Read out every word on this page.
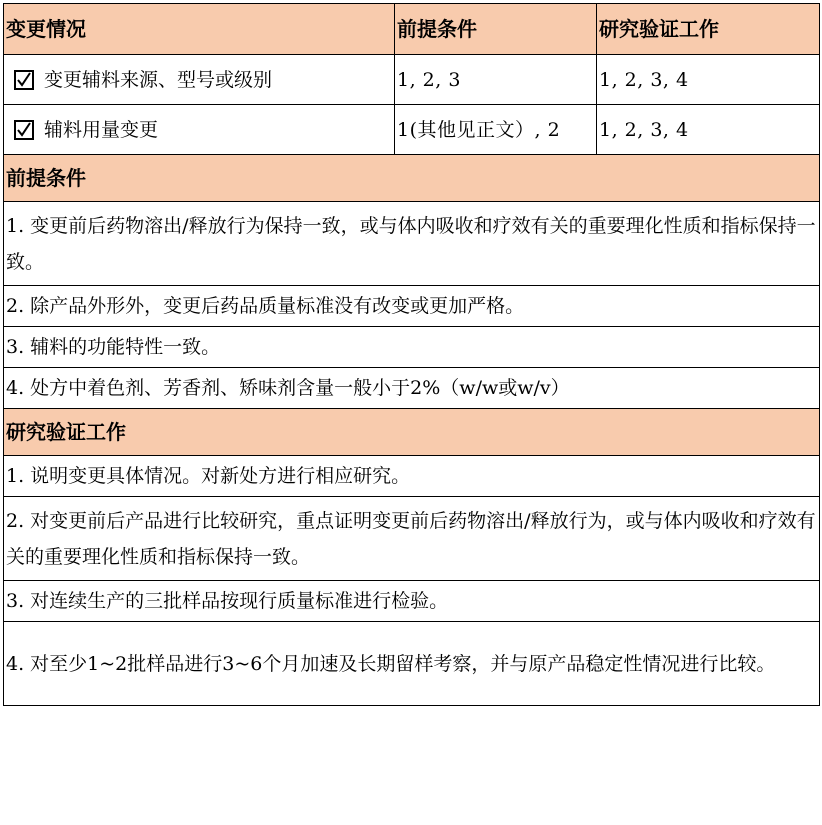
变更情况	前提条件	研究验证工作

变更辅料来源、型号或级别	1, 2, 3	1, 2, 3, 4

辅料用量变更	1(其他见正文）, 2	1, 2, 3, 4
前提条件		
1. 变更前后药物溶出/释放行为保持一致，或与体内吸收和疗效有关的重要理化性质和指标保持一致。		
2. 除产品外形外，变更后药品质量标准没有改变或更加严格。		
3. 辅料的功能特性一致。		
4. 处方中着色剂、芳香剂、矫味剂含量一般小于2%（w/w或w/v）		
研究验证工作		
1. 说明变更具体情况。对新处方进行相应研究。		
2. 对变更前后产品进行比较研究，重点证明变更前后药物溶出/释放行为，或与体内吸收和疗效有关的重要理化性质和指标保持一致。		
3. 对连续生产的三批样品按现行质量标准进行检验。		
4. 对至少1~2批样品进行3~6个月加速及长期留样考察，并与原产品稳定性情况进行比较。		
